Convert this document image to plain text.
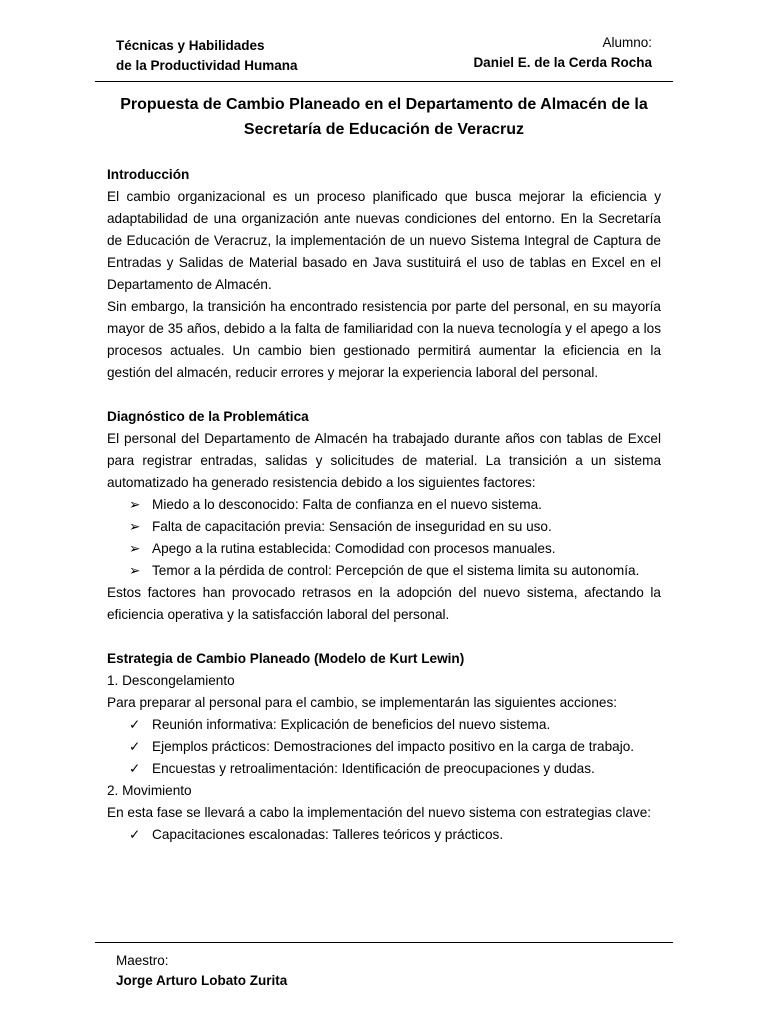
Técnicas y Habilidades
de la Productividad Humana
Alumno:
Daniel E. de la Cerda Rocha
Propuesta de Cambio Planeado en el Departamento de Almacén de la
Secretaría de Educación de Veracruz

Introducción

El cambio organizacional es un proceso planificado que busca mejorar la eficiencia y adaptabilidad de una organización ante nuevas condiciones del entorno. En la Secretaría de Educación de Veracruz, la implementación de un nuevo Sistema Integral de Captura de Entradas y Salidas de Material basado en Java sustituirá el uso de tablas en Excel en el Departamento de Almacén.

Sin embargo, la transición ha encontrado resistencia por parte del personal, en su mayoría mayor de 35 años, debido a la falta de familiaridad con la nueva tecnología y el apego a los procesos actuales. Un cambio bien gestionado permitirá aumentar la eficiencia en la gestión del almacén, reducir errores y mejorar la experiencia laboral del personal.

Diagnóstico de la Problemática

El personal del Departamento de Almacén ha trabajado durante años con tablas de Excel para registrar entradas, salidas y solicitudes de material. La transición a un sistema automatizado ha generado resistencia debido a los siguientes factores:

➢ Miedo a lo desconocido: Falta de confianza en el nuevo sistema.
➢ Falta de capacitación previa: Sensación de inseguridad en su uso.
➢ Apego a la rutina establecida: Comodidad con procesos manuales.
➢ Temor a la pérdida de control: Percepción de que el sistema limita su autonomía.

Estos factores han provocado retrasos en la adopción del nuevo sistema, afectando la eficiencia operativa y la satisfacción laboral del personal.

Estrategia de Cambio Planeado (Modelo de Kurt Lewin)

1. Descongelamiento

Para preparar al personal para el cambio, se implementarán las siguientes acciones:

✓ Reunión informativa: Explicación de beneficios del nuevo sistema.
✓ Ejemplos prácticos: Demostraciones del impacto positivo en la carga de trabajo.
✓ Encuestas y retroalimentación: Identificación de preocupaciones y dudas.

2. Movimiento

En esta fase se llevará a cabo la implementación del nuevo sistema con estrategias clave:

✓ Capacitaciones escalonadas: Talleres teóricos y prácticos.
Maestro:
Jorge Arturo Lobato Zurita
